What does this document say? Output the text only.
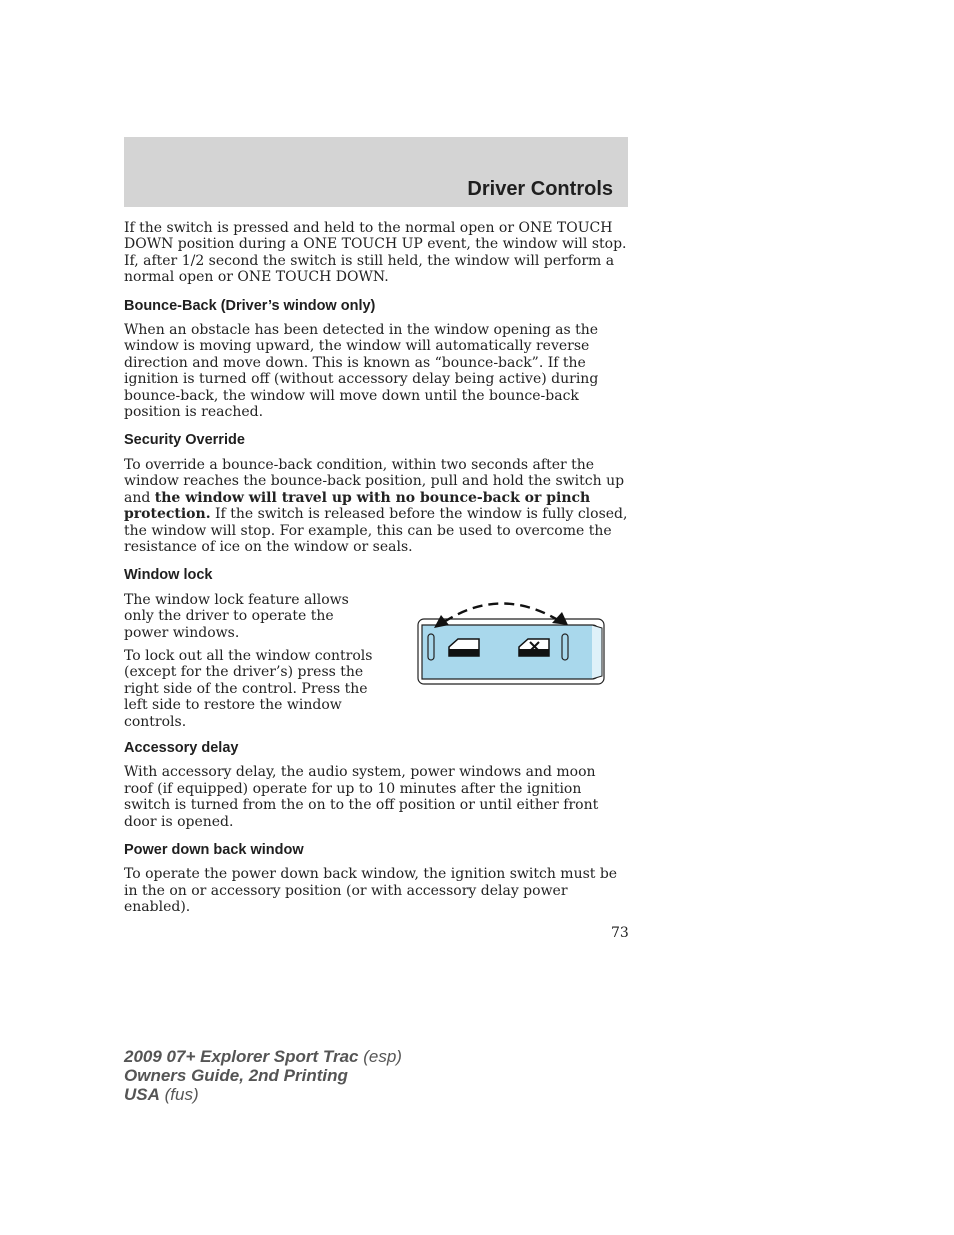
Driver Controls

If the switch is pressed and held to the normal open or ONE TOUCH DOWN position during a ONE TOUCH UP event, the window will stop. If, after 1/2 second the switch is still held, the window will perform a normal open or ONE TOUCH DOWN.

Bounce-Back (Driver’s window only)

When an obstacle has been detected in the window opening as the window is moving upward, the window will automatically reverse direction and move down. This is known as “bounce-back”. If the ignition is turned off (without accessory delay being active) during bounce-back, the window will move down until the bounce-back position is reached.

Security Override

To override a bounce-back condition, within two seconds after the window reaches the bounce-back position, pull and hold the switch up and the window will travel up with no bounce-back or pinch protection. If the switch is released before the window is fully closed, the window will stop. For example, this can be used to overcome the resistance of ice on the window or seals.

Window lock

The window lock feature allows only the driver to operate the power windows.

To lock out all the window controls (except for the driver’s) press the right side of the control. Press the left side to restore the window controls.

Accessory delay

With accessory delay, the audio system, power windows and moon roof (if equipped) operate for up to 10 minutes after the ignition switch is turned from the on to the off position or until either front door is opened.

Power down back window

To operate the power down back window, the ignition switch must be in the on or accessory position (or with accessory delay power enabled).

73
2009 07+ Explorer Sport Trac (esp)
Owners Guide, 2nd Printing
USA (fus)
